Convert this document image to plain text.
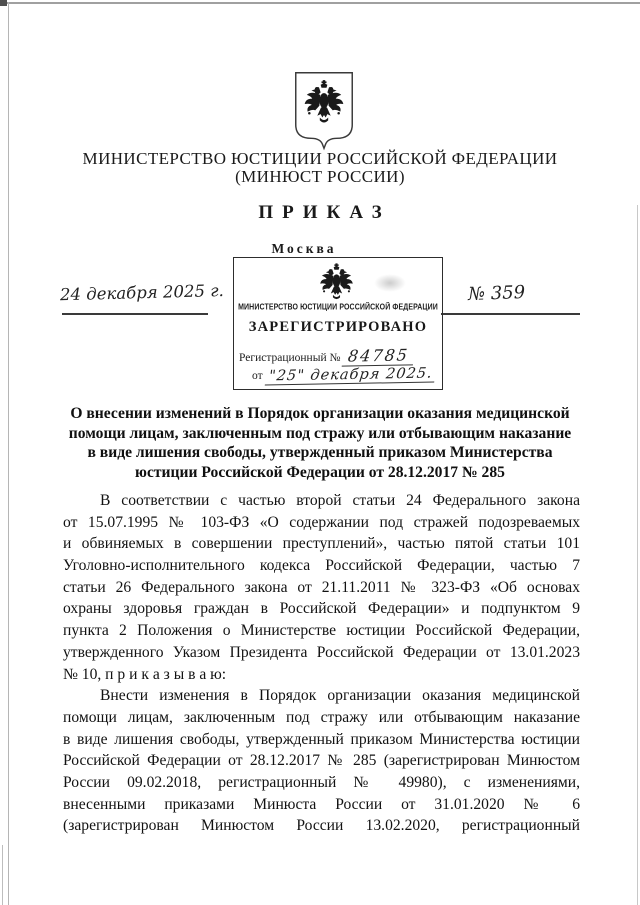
МИНИСТЕРСТВО ЮСТИЦИИ РОССИЙСКОЙ ФЕДЕРАЦИИ
(МИНЮСТ РОССИИ)
ПРИКАЗ
Москва
24 декабря 2025 г.	№ 359
МИНИСТЕРСТВО ЮСТИЦИИ РОССИЙСКОЙ ФЕДЕРАЦИИ
ЗАРЕГИСТРИРОВАНО
Регистрационный № 84785
от "25" декабря 2025.
О внесении изменений в Порядок организации оказания медицинской
помощи лицам, заключенным под стражу или отбывающим наказание
в виде лишения свободы, утвержденный приказом Министерства
юстиции Российской Федерации от 28.12.2017 № 285
В соответствии с частью второй статьи 24 Федерального закона
от 15.07.1995 № 103-ФЗ «О содержании под стражей подозреваемых
и обвиняемых в совершении преступлений», частью пятой статьи 101
Уголовно-исполнительного кодекса Российской Федерации, частью 7
статьи 26 Федерального закона от 21.11.2011 № 323-ФЗ «Об основах
охраны здоровья граждан в Российской Федерации» и подпунктом 9
пункта 2 Положения о Министерстве юстиции Российской Федерации,
утвержденного Указом Президента Российской Федерации от 13.01.2023
№ 10, п р и к а з ы в а ю:
Внести изменения в Порядок организации оказания медицинской
помощи лицам, заключенным под стражу или отбывающим наказание
в виде лишения свободы, утвержденный приказом Министерства юстиции
Российской Федерации от 28.12.2017 № 285 (зарегистрирован Минюстом
России 09.02.2018, регистрационный № 49980), с изменениями,
внесенными приказами Минюста России от 31.01.2020 № 6
(зарегистрирован Минюстом России 13.02.2020, регистрационный
